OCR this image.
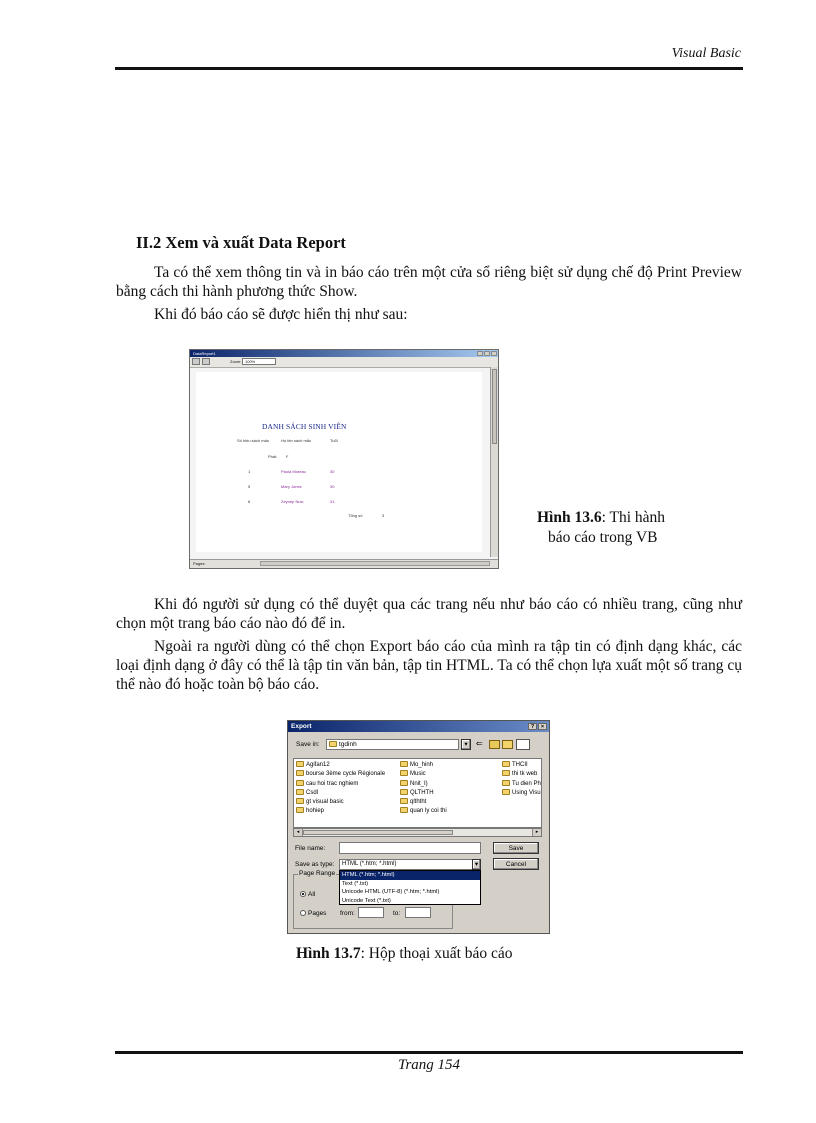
Visual Basic
II.2 Xem và xuất Data Report
Ta có thể xem thông tin và in báo cáo trên một cửa sổ riêng biệt sử dụng chế độ Print Preview bằng cách thi hành phương thức Show.
Khi đó báo cáo sẽ được hiển thị như sau:
DataReport1
Zoom: 100%
DANH SÁCH SINH VIÊN
Số hiệu sách mấu	Họ tên sách mẫu	Tuổi
Phái: F
1	Paula Moreau	30
5	Mary Jones	30
6	Zeynep Nuic	31
Tổng số	3
Pages:
Hình 13.6: Thi hành
báo cáo trong VB
Khi đó người sử dụng có thể duyệt qua các trang nếu như báo cáo có nhiều trang, cũng như chọn một trang báo cáo nào đó để in.
Ngoài ra người dùng có thể chọn Export báo cáo của mình ra tập tin có định dạng khác, các loại định dạng ở đây có thể là tập tin văn bản, tập tin HTML. Ta có thể chọn lựa xuất một số trang cụ thể nào đó hoặc toàn bộ báo cáo.
Export	?	×
Save in:	tgdinh	▾	⇐
Agifan12
bourse 3ème cycle Régionale
cau hoi trac nghiem
Csdl
gt visual basic
hohiep
Mo_hinh
Music
Nnit_I)
QLTHTH
qlththt
quan ly coi thi
THCII
thi tk web
Tu dien Ph
Using Visu
◂	▸
File name:	Save
Save as type:	HTML (*.htm; *.html)	▾	Cancel
Page Range
All
Pages from:	to:
HTML (*.htm; *.html)
Text (*.txt)
Unicode HTML (UTF-8) (*.htm; *.html)
Unicode Text (*.txt)
Hình 13.7: Hộp thoại xuất báo cáo
Trang 154
